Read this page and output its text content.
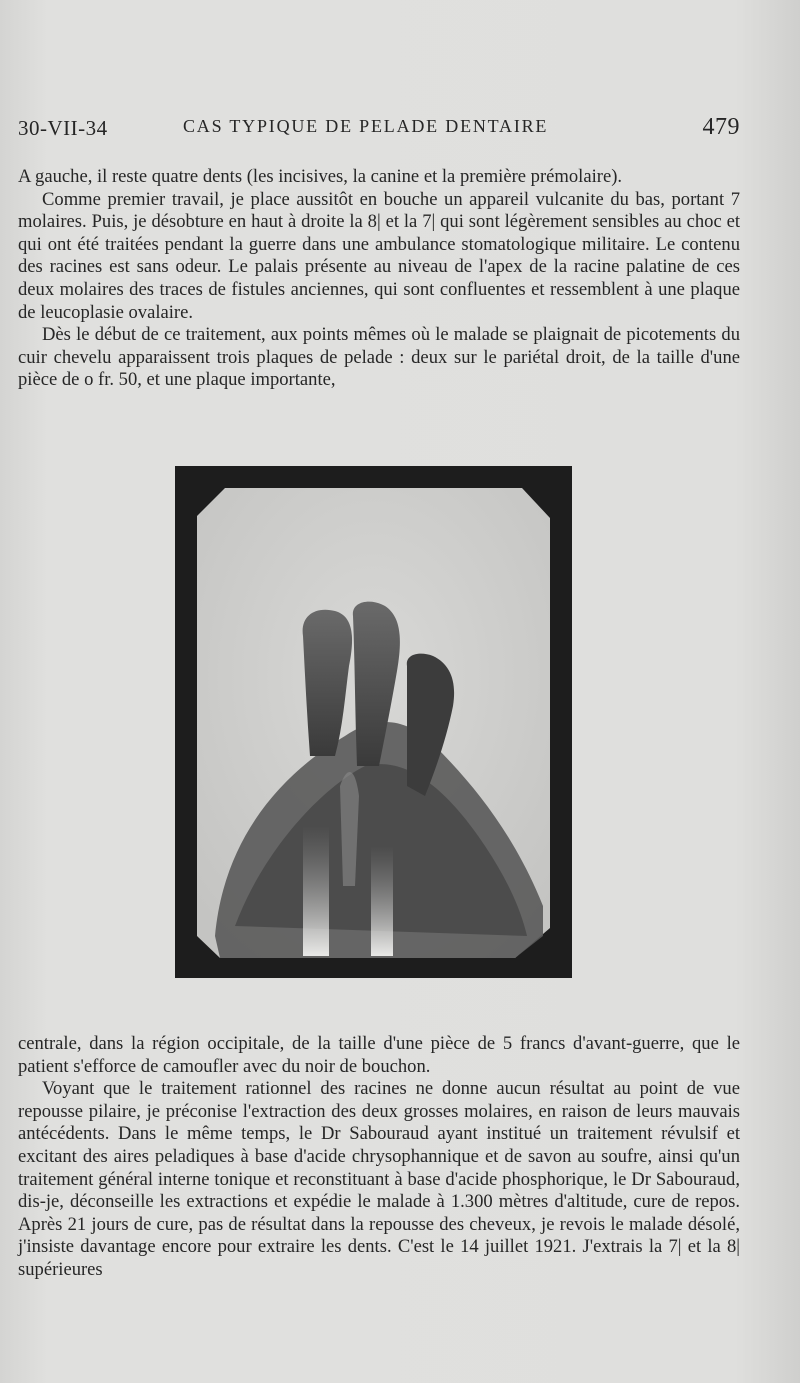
30-VII-34	CAS TYPIQUE DE PELADE DENTAIRE	479

A gauche, il reste quatre dents (les incisives, la canine et la première prémolaire).

Comme premier travail, je place aussitôt en bouche un appareil vulcanite du bas, portant 7 molaires. Puis, je désobture en haut à droite la 8| et la 7| qui sont légèrement sensibles au choc et qui ont été traitées pendant la guerre dans une ambulance stomatologique militaire. Le contenu des racines est sans odeur. Le palais présente au niveau de l'apex de la racine palatine de ces deux molaires des traces de fistules anciennes, qui sont confluentes et ressemblent à une plaque de leucoplasie ovalaire.

Dès le début de ce traitement, aux points mêmes où le malade se plaignait de picotements du cuir chevelu apparaissent trois plaques de pelade : deux sur le pariétal droit, de la taille d'une pièce de o fr. 50, et une plaque importante,

centrale, dans la région occipitale, de la taille d'une pièce de 5 francs d'avant-guerre, que le patient s'efforce de camoufler avec du noir de bouchon.

Voyant que le traitement rationnel des racines ne donne aucun résultat au point de vue repousse pilaire, je préconise l'extraction des deux grosses molaires, en raison de leurs mauvais antécédents. Dans le même temps, le Dr Sabouraud ayant institué un traitement révulsif et excitant des aires peladiques à base d'acide chrysophannique et de savon au soufre, ainsi qu'un traitement général interne tonique et reconstituant à base d'acide phosphorique, le Dr Sabouraud, dis-je, déconseille les extractions et expédie le malade à 1.300 mètres d'altitude, cure de repos. Après 21 jours de cure, pas de résultat dans la repousse des cheveux, je revois le malade désolé, j'insiste davantage encore pour extraire les dents. C'est le 14 juillet 1921. J'extrais la 7| et la 8| supérieures
